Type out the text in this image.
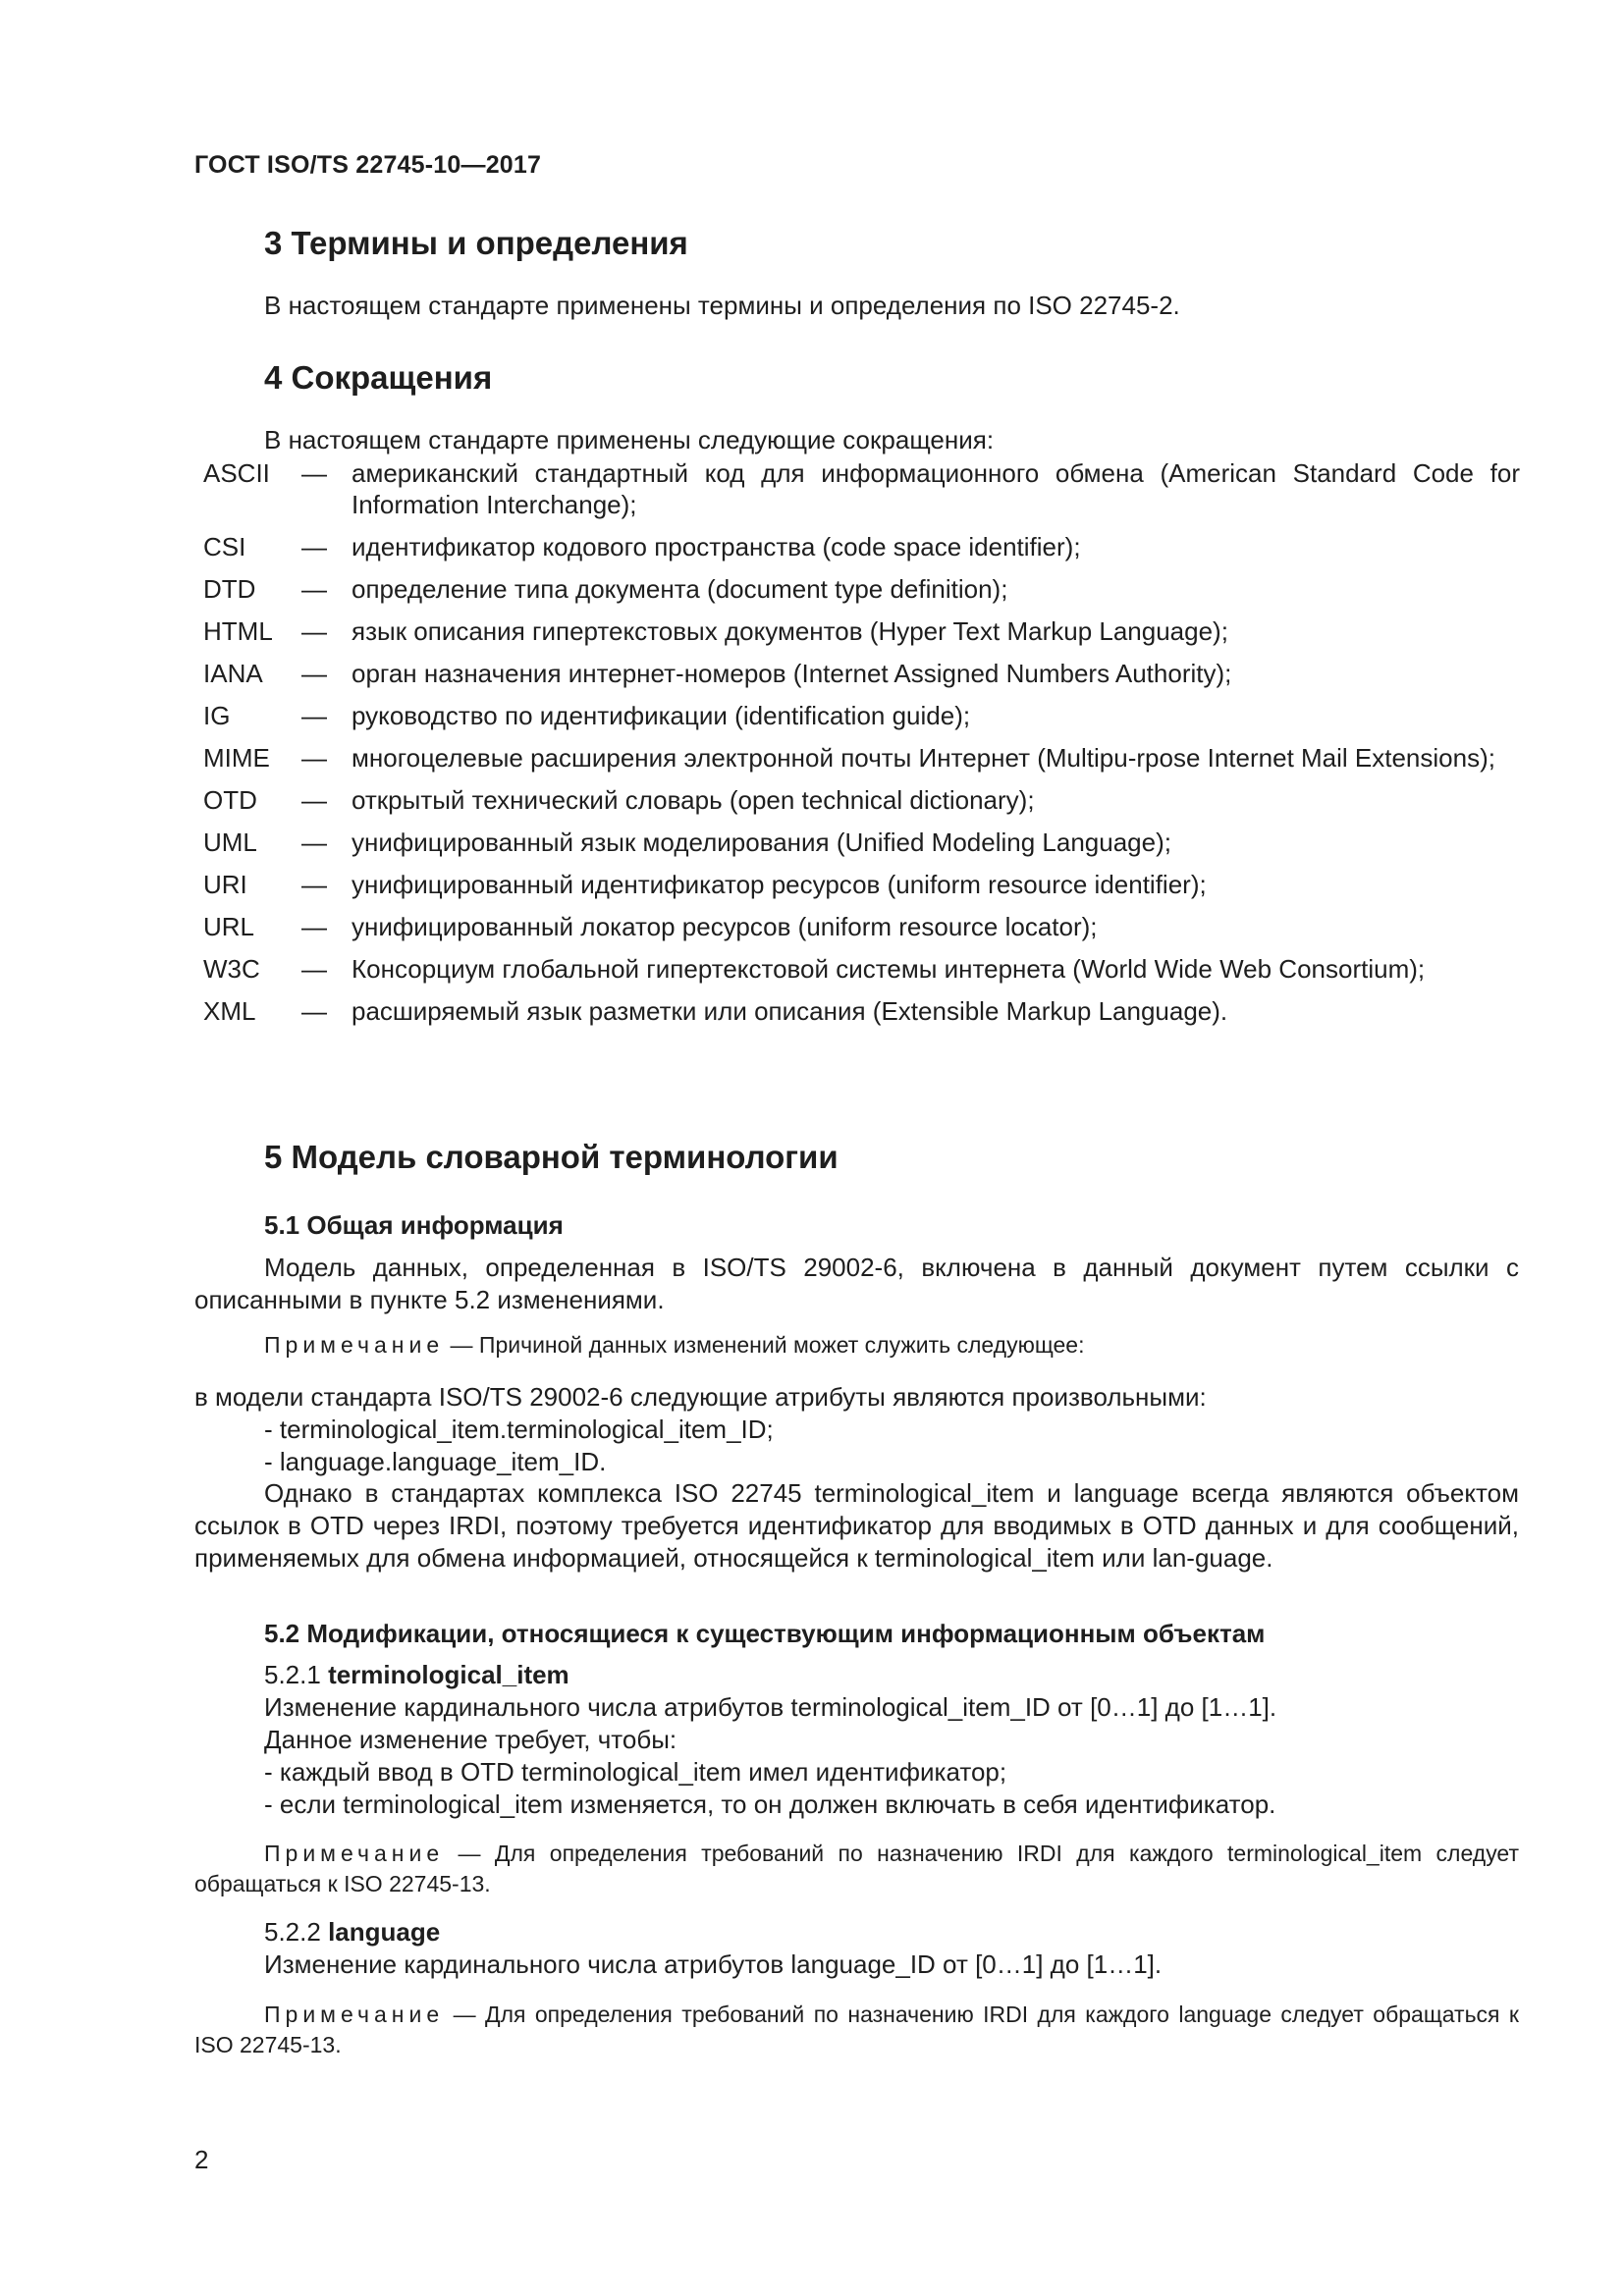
ГОСТ ISO/TS 22745-10—2017
3 Термины и определения
В настоящем стандарте применены термины и определения по ISO 22745-2.
4 Сокращения
В настоящем стандарте применены следующие сокращения:
ASCII	— американский стандартный код для информационного обмена (American Standard Code for Information Interchange);
CSI	— идентификатор кодового пространства (code space identifier);
DTD	— определение типа документа (document type definition);
HTML	— язык описания гипертекстовых документов (Hyper Text Markup Language);
IANA	— орган назначения интернет-номеров (Internet Assigned Numbers Authority);
IG	— руководство по идентификации (identification guide);
MIME	— многоцелевые расширения электронной почты Интернет (Multipu-rpose Internet Mail Extensions);
OTD	— открытый технический словарь (open technical dictionary);
UML	— унифицированный язык моделирования (Unified Modeling Language);
URI	— унифицированный идентификатор ресурсов (uniform resource identifier);
URL	— унифицированный локатор ресурсов (uniform resource locator);
W3C	— Консорциум глобальной гипертекстовой системы интернета (World Wide Web Consortium);
XML	— расширяемый язык разметки или описания (Extensible Markup Language).
5 Модель словарной терминологии
5.1 Общая информация
Модель данных, определенная в ISO/TS 29002-6, включена в данный документ путем ссылки с описанными в пункте 5.2 изменениями.
Примечание — Причиной данных изменений может служить следующее:
в модели стандарта ISO/TS 29002-6 следующие атрибуты являются произвольными:
- terminological_item.terminological_item_ID;
- language.language_item_ID.
Однако в стандартах комплекса ISO 22745 terminological_item и language всегда являются объектом ссылок в OTD через IRDI, поэтому требуется идентификатор для вводимых в OTD данных и для сообщений, применяемых для обмена информацией, относящейся к terminological_item или lan-guage.
5.2 Модификации, относящиеся к существующим информационным объектам
5.2.1 terminological_item
Изменение кардинального числа атрибутов terminological_item_ID от [0…1] до [1…1].
Данное изменение требует, чтобы:
- каждый ввод в OTD terminological_item имел идентификатор;
- если terminological_item изменяется, то он должен включать в себя идентификатор.
Примечание — Для определения требований по назначению IRDI для каждого terminological_item следует обращаться к ISO 22745-13.
5.2.2 language
Изменение кардинального числа атрибутов language_ID от [0…1] до [1…1].
Примечание — Для определения требований по назначению IRDI для каждого language следует обращаться к ISO 22745-13.
2
